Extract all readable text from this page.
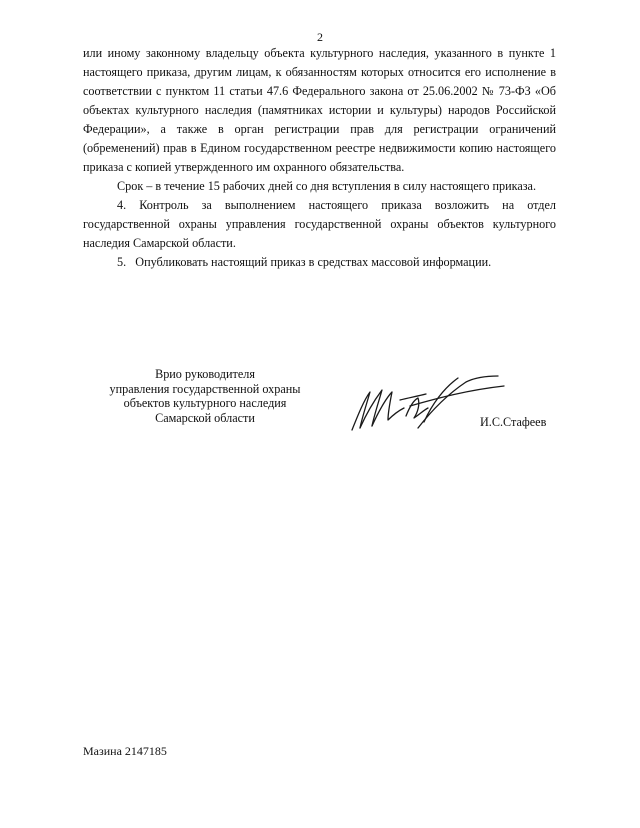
2

или иному законному владельцу объекта культурного наследия, указанного в пункте 1 настоящего приказа, другим лицам, к обязанностям которых относится его исполнение в соответствии с пунктом 11 статьи 47.6 Федерального закона от 25.06.2002 № 73-ФЗ «Об объектах культурного наследия (памятниках истории и культуры) народов Российской Федерации», а также в орган регистрации прав для регистрации ограничений (обременений) прав в Едином государственном реестре недвижимости копию настоящего приказа с копией утвержденного им охранного обязательства.

Срок – в течение 15 рабочих дней со дня вступления в силу настоящего приказа.

4. Контроль за выполнением настоящего приказа возложить на отдел государственной охраны управления государственной охраны объектов культурного наследия Самарской области.

5.   Опубликовать настоящий приказ в средствах массовой информации.

Врио руководителя
управления государственной охраны
объектов культурного наследия
Самарской области	И.С.Стафеев
Мазина 2147185
